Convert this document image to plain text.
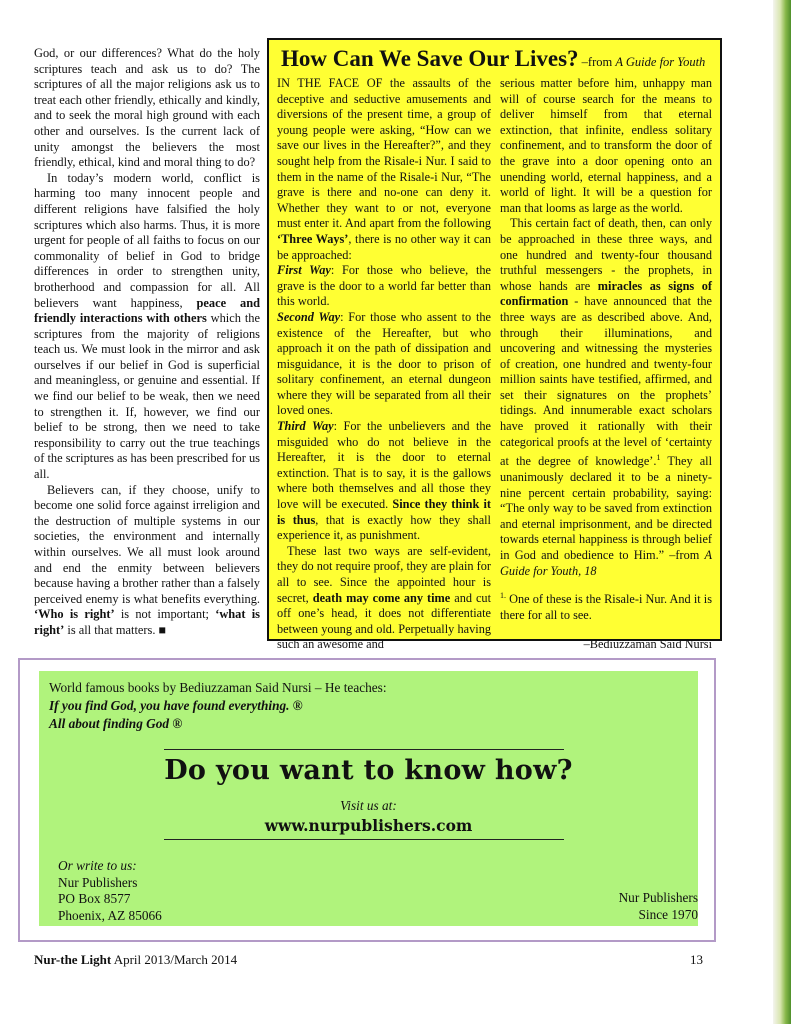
God, or our differences? What do the holy scriptures teach and ask us to do? The scriptures of all the major religions ask us to treat each other friendly, ethically and kindly, and to seek the moral high ground with each other and ourselves. Is the current lack of unity amongst the believers the most friendly, ethical, kind and moral thing to do?

In today’s modern world, conflict is harming too many innocent people and different religions have falsified the holy scriptures which also harms. Thus, it is more urgent for people of all faiths to focus on our commonality of belief in God to bridge differences in order to strengthen unity, brotherhood and compassion for all. All believers want happiness, peace and friendly interactions with others which the scriptures from the majority of religions teach us. We must look in the mirror and ask ourselves if our belief in God is superficial and meaningless, or genuine and essential. If we find our belief to be weak, then we need to strengthen it. If, however, we find our belief to be strong, then we need to take responsibility to carry out the true teachings of the scriptures as has been prescribed for us all.

Believers can, if they choose, unify to become one solid force against irreligion and the destruction of multiple systems in our societies, the environment and internally within ourselves. We all must look around and end the enmity between believers because having a brother rather than a falsely perceived enemy is what benefits everything. ‘Who is right’ is not important; ‘what is right’ is all that matters. ■

How Can We Save Our Lives? –from A Guide for Youth

IN THE FACE OF the assaults of the deceptive and seductive amusements and diversions of the present time, a group of young people were asking, “How can we save our lives in the Hereafter?”, and they sought help from the Risale-i Nur. I said to them in the name of the Risale-i Nur, “The grave is there and no-one can deny it. Whether they want to or not, everyone must enter it. And apart from the following ‘Three Ways’, there is no other way it can be approached:

First Way: For those who believe, the grave is the door to a world far better than this world.

Second Way: For those who assent to the existence of the Hereafter, but who approach it on the path of dissipation and misguidance, it is the door to prison of solitary confinement, an eternal dungeon where they will be separated from all their loved ones.

Third Way: For the unbelievers and the misguided who do not believe in the Hereafter, it is the door to eternal extinction. That is to say, it is the gallows where both themselves and all those they love will be executed. Since they think it is thus, that is exactly how they shall experience it, as punishment.

These last two ways are self-evident, they do not require proof, they are plain for all to see. Since the appointed hour is secret, death may come any time and cut off one’s head, it does not differentiate between young and old. Perpetually having such an awesome and

serious matter before him, unhappy man will of course search for the means to deliver himself from that eternal extinction, that infinite, endless solitary confinement, and to transform the door of the grave into a door opening onto an unending world, eternal happiness, and a world of light. It will be a question for man that looms as large as the world.

This certain fact of death, then, can only be approached in these three ways, and one hundred and twenty-four thousand truthful messengers - the prophets, in whose hands are miracles as signs of confirmation - have announced that the three ways are as described above. And, through their illuminations, and uncovering and witnessing the mysteries of creation, one hundred and twenty-four million saints have testified, affirmed, and set their signatures on the prophets’ tidings. And innumerable exact scholars have proved it rationally with their categorical proofs at the level of ‘certainty at the degree of knowledge’.$^1$ They all unanimously declared it to be a ninety-nine percent certain probability, saying: “The only way to be saved from extinction and eternal imprisonment, and be directed towards eternal happiness is through belief in God and obedience to Him.” –from A Guide for Youth, 18

$^{1.}$ One of these is the Risale-i Nur. And it is there for all to see.

–Bediuzzaman Said Nursi

World famous books by Bediuzzaman Said Nursi – He teaches:
If you find God, you have found everything. ®
All about finding God ®
Do you want to know how?
Visit us at:
www.nurpublishers.com
Or write to us:
Nur Publishers
PO Box 8577
Phoenix, AZ 85066
Nur Publishers
Since 1970
Nur-the Light April 2013/March 2014	13
